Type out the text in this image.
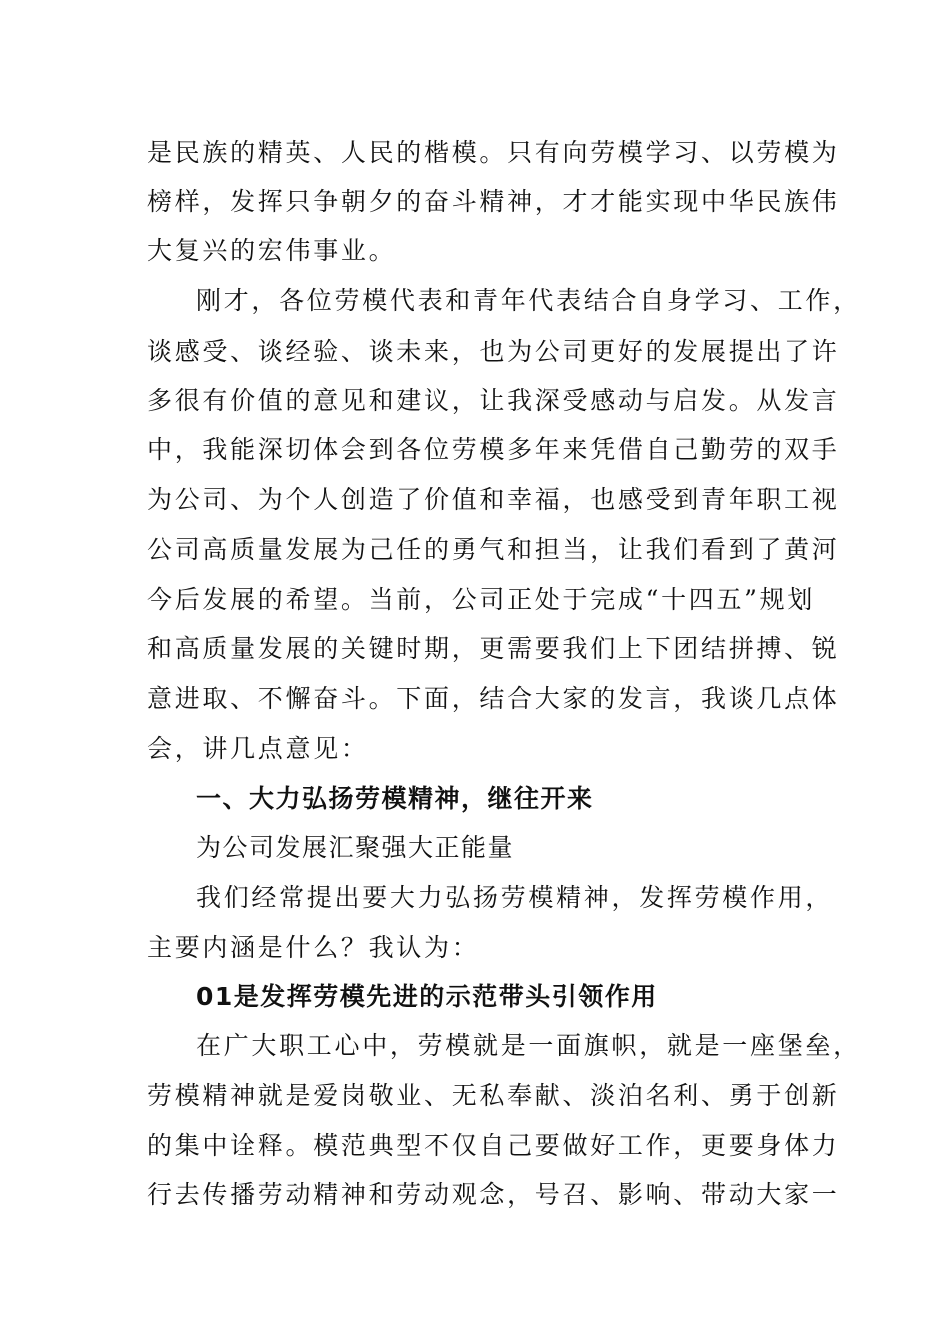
是民族的精英、人民的楷模。只有向劳模学习、以劳模为
榜样，发挥只争朝夕的奋斗精神，才才能实现中华民族伟
大复兴的宏伟事业。
刚才，各位劳模代表和青年代表结合自身学习、工作，
谈感受、谈经验、谈未来，也为公司更好的发展提出了许
多很有价值的意见和建议，让我深受感动与启发。从发言
中，我能深切体会到各位劳模多年来凭借自己勤劳的双手
为公司、为个人创造了价值和幸福，也感受到青年职工视
公司高质量发展为己任的勇气和担当，让我们看到了黄河
今后发展的希望。当前，公司正处于完成“十四五”规划
和高质量发展的关键时期，更需要我们上下团结拼搏、锐
意进取、不懈奋斗。下面，结合大家的发言，我谈几点体
会，讲几点意见：
一、大力弘扬劳模精神，继往开来
为公司发展汇聚强大正能量
我们经常提出要大力弘扬劳模精神，发挥劳模作用，
主要内涵是什么？我认为：
01是发挥劳模先进的示范带头引领作用
在广大职工心中，劳模就是一面旗帜，就是一座堡垒，
劳模精神就是爱岗敬业、无私奉献、淡泊名利、勇于创新
的集中诠释。模范典型不仅自己要做好工作，更要身体力
行去传播劳动精神和劳动观念，号召、影响、带动大家一
